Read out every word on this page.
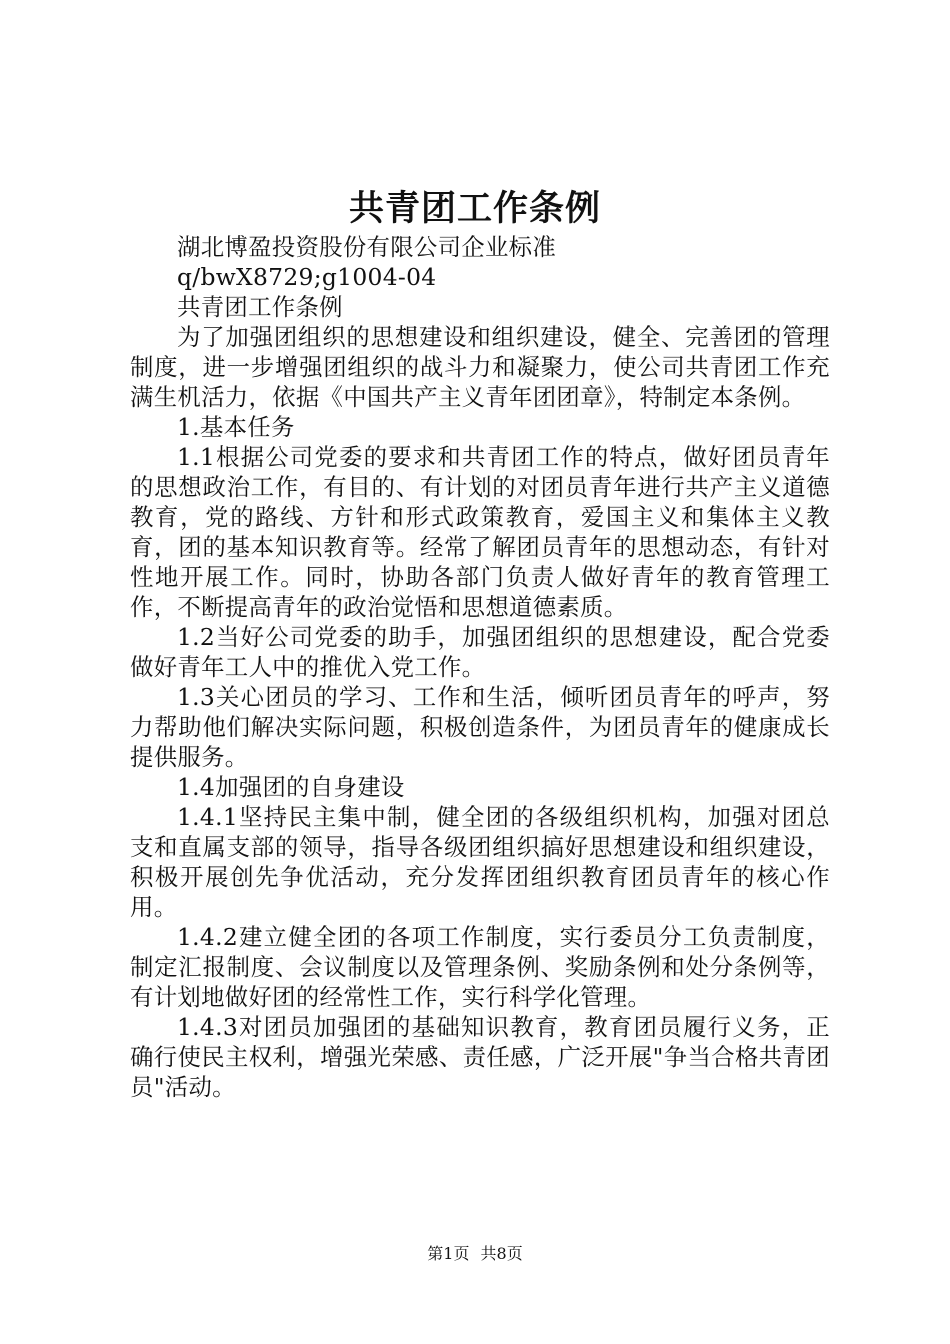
共青团工作条例

湖北博盈投资股份有限公司企业标准

q/bwX8729;g1004-04

共青团工作条例

为了加强团组织的思想建设和组织建设，健全、完善团的管理制度，进一步增强团组织的战斗力和凝聚力，使公司共青团工作充满生机活力，依据《中国共产主义青年团团章》，特制定本条例。

1.基本任务

1.1根据公司党委的要求和共青团工作的特点，做好团员青年的思想政治工作，有目的、有计划的对团员青年进行共产主义道德教育，党的路线、方针和形式政策教育，爱国主义和集体主义教育，团的基本知识教育等。经常了解团员青年的思想动态，有针对性地开展工作。同时，协助各部门负责人做好青年的教育管理工作，不断提高青年的政治觉悟和思想道德素质。

1.2当好公司党委的助手，加强团组织的思想建设，配合党委做好青年工人中的推优入党工作。

1.3关心团员的学习、工作和生活，倾听团员青年的呼声，努力帮助他们解决实际问题，积极创造条件，为团员青年的健康成长提供服务。

1.4加强团的自身建设

1.4.1坚持民主集中制，健全团的各级组织机构，加强对团总支和直属支部的领导，指导各级团组织搞好思想建设和组织建设，积极开展创先争优活动，充分发挥团组织教育团员青年的核心作用。

1.4.2建立健全团的各项工作制度，实行委员分工负责制度，制定汇报制度、会议制度以及管理条例、奖励条例和处分条例等，有计划地做好团的经常性工作，实行科学化管理。

1.4.3对团员加强团的基础知识教育，教育团员履行义务，正确行使民主权利，增强光荣感、责任感，广泛开展"争当合格共青团员"活动。

第1页 共8页
